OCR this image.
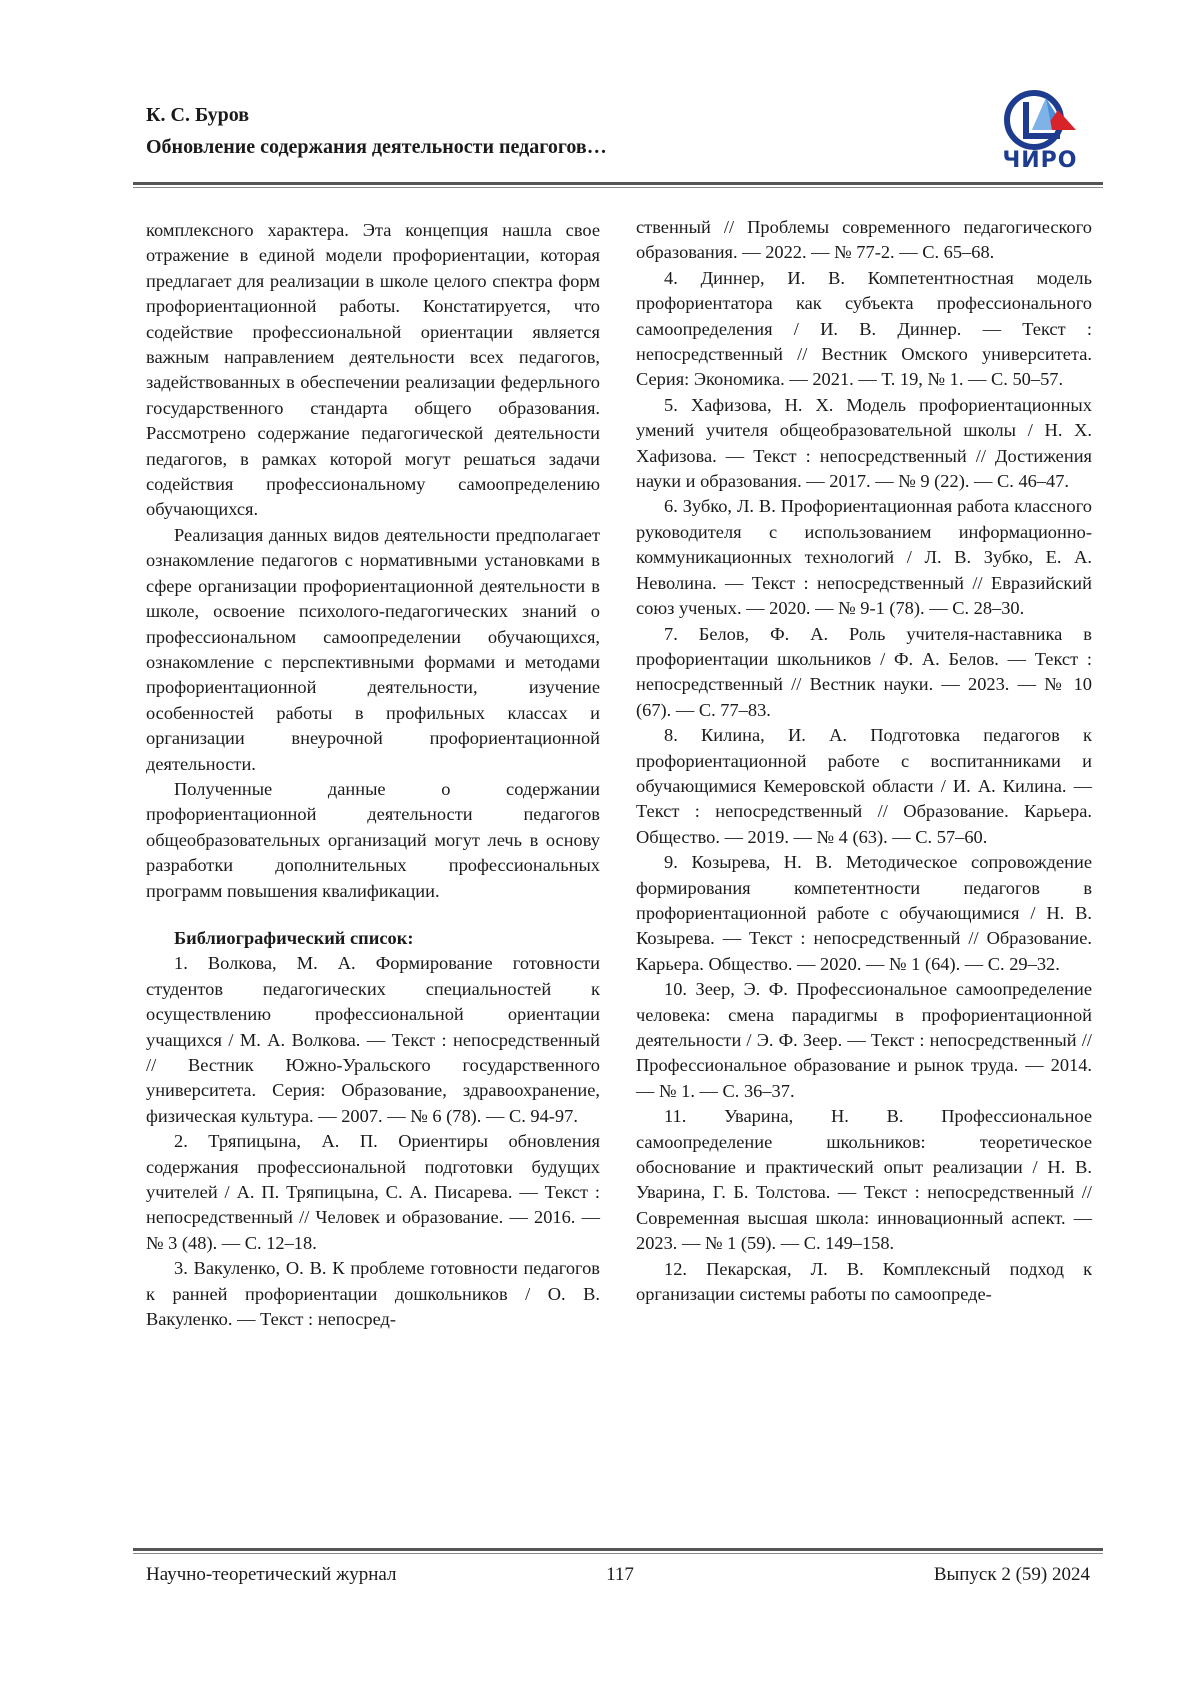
К. С. Буров
Обновление содержания деятельности педагогов…
ЧИРО

комплексного характера. Эта концепция нашла свое отражение в единой модели профориентации, которая предлагает для реализации в школе целого спектра форм профориентационной работы. Констатируется, что содействие профессиональной ориентации является важным направлением деятельности всех педагогов, задействованных в обеспечении реализации федерльного государственного стандарта общего образования. Рассмотрено содержание педагогической деятельности педагогов, в рамках которой могут решаться задачи содействия профессиональному самоопределению обучающихся.

Реализация данных видов деятельности предполагает ознакомление педагогов с нормативными установками в сфере организации профориентационной деятельности в школе, освоение психолого-педагогических знаний о профессиональном самоопределении обучающихся, ознакомление с перспективными формами и методами профориентационной деятельности, изучение особенностей работы в профильных классах и организации внеурочной профориентационной деятельности.

Полученные данные о содержании профориентационной деятельности педагогов общеобразовательных организаций могут лечь в основу разработки дополнительных профессиональных программ повышения квалификации.

Библиографический список:

1. Волкова, М. А. Формирование готовности студентов педагогических специальностей к осуществлению профессиональной ориентации учащихся / М. А. Волкова. — Текст : непосредственный // Вестник Южно-Уральского государственного университета. Серия: Образование, здравоохранение, физическая культура. — 2007. — № 6 (78). — С. 94-97.

2. Тряпицына, А. П. Ориентиры обновления содержания профессиональной подготовки будущих учителей / А. П. Тряпицына, С. А. Писарева. — Текст : непосредственный // Человек и образование. — 2016. — № 3 (48). — С. 12–18.

3. Вакуленко, О. В. К проблеме готовности педагогов к ранней профориентации дошкольников / О. В. Вакуленко. — Текст : непосред-

ственный // Проблемы современного педагогического образования. — 2022. — № 77-2. — С. 65–68.

4. Диннер, И. В. Компетентностная модель профориентатора как субъекта профессионального самоопределения / И. В. Диннер. — Текст : непосредственный // Вестник Омского университета. Серия: Экономика. — 2021. — Т. 19, № 1. — С. 50–57.

5. Хафизова, Н. Х. Модель профориентационных умений учителя общеобразовательной школы / Н. Х. Хафизова. — Текст : непосредственный // Достижения науки и образования. — 2017. — № 9 (22). — С. 46–47.

6. Зубко, Л. В. Профориентационная работа классного руководителя с использованием информационно-коммуникационных технологий / Л. В. Зубко, Е. А. Неволина. — Текст : непосредственный // Евразийский союз ученых. — 2020. — № 9-1 (78). — С. 28–30.

7. Белов, Ф. А. Роль учителя-наставника в профориентации школьников / Ф. А. Белов. — Текст : непосредственный // Вестник науки. — 2023. — № 10 (67). — С. 77–83.

8. Килина, И. А. Подготовка педагогов к профориентационной работе с воспитанниками и обучающимися Кемеровской области / И. А. Килина. — Текст : непосредственный // Образование. Карьера. Общество. — 2019. — № 4 (63). — С. 57–60.

9. Козырева, Н. В. Методическое сопровождение формирования компетентности педагогов в профориентационной работе с обучающимися / Н. В. Козырева. — Текст : непосредственный // Образование. Карьера. Общество. — 2020. — № 1 (64). — С. 29–32.

10. Зеер, Э. Ф. Профессиональное самоопределение человека: смена парадигмы в профориентационной деятельности / Э. Ф. Зеер. — Текст : непосредственный // Профессиональное образование и рынок труда. — 2014. — № 1. — С. 36–37.

11. Уварина, Н. В. Профессиональное самоопределение школьников: теоретическое обоснование и практический опыт реализации / Н. В. Уварина, Г. Б. Толстова. — Текст : непосредственный // Современная высшая школа: инновационный аспект. — 2023. — № 1 (59). — С. 149–158.

12. Пекарская, Л. В. Комплексный подход к организации системы работы по самоопреде-

Научно-теоретический журнал	117	Выпуск 2 (59) 2024
